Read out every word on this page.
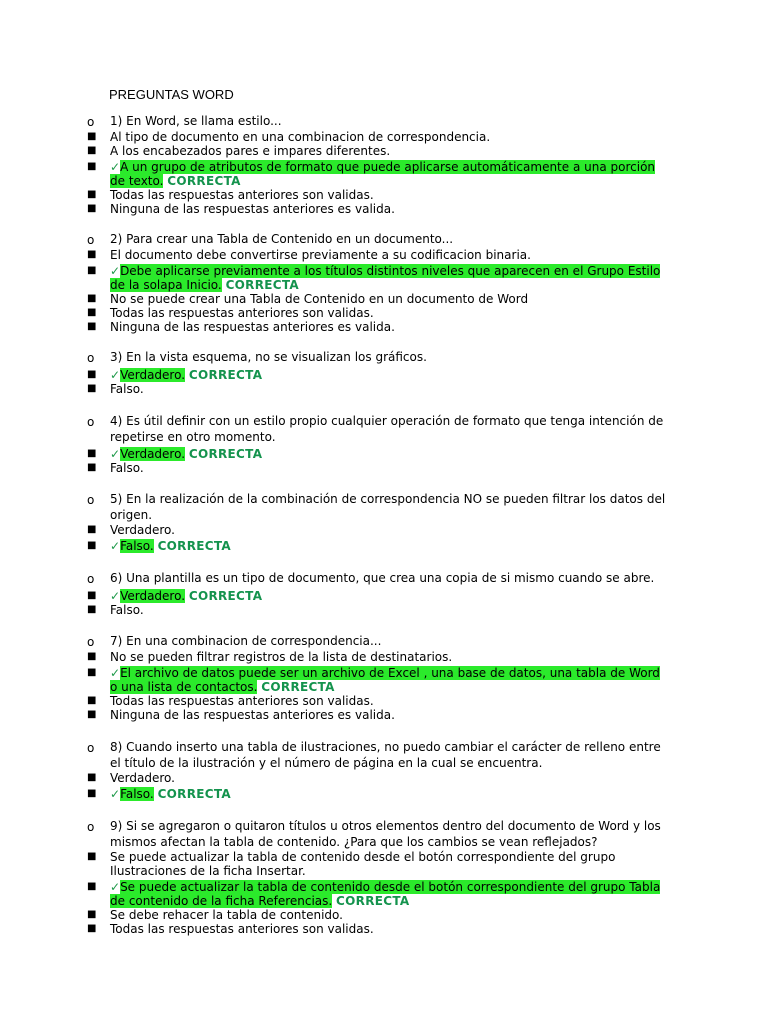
PREGUNTAS WORD
o	1) En Word, se llama estilo...
■	Al tipo de documento en una combinacion de correspondencia.
■	A los encabezados pares e impares diferentes.
■	✓A un grupo de atributos de formato que puede aplicarse automáticamente a una porción de texto. CORRECTA
■	Todas las respuestas anteriores son validas.
■	Ninguna de las respuestas anteriores es valida.
o	2) Para crear una Tabla de Contenido en un documento...
■	El documento debe convertirse previamente a su codificacion binaria.
■	✓Debe aplicarse previamente a los títulos distintos niveles que aparecen en el Grupo Estilo de la solapa Inicio. CORRECTA
■	No se puede crear una Tabla de Contenido en un documento de Word
■	Todas las respuestas anteriores son validas.
■	Ninguna de las respuestas anteriores es valida.
o	3) En la vista esquema, no se visualizan los gráficos.
■	✓Verdadero. CORRECTA
■	Falso.
o	4) Es útil definir con un estilo propio cualquier operación de formato que tenga intención de repetirse en otro momento.
■	✓Verdadero. CORRECTA
■	Falso.
o	5) En la realización de la combinación de correspondencia NO se pueden filtrar los datos del origen.
■	Verdadero.
■	✓Falso. CORRECTA
o	6) Una plantilla es un tipo de documento, que crea una copia de si mismo cuando se abre.
■	✓Verdadero. CORRECTA
■	Falso.
o	7) En una combinacion de correspondencia...
■	No se pueden filtrar registros de la lista de destinatarios.
■	✓El archivo de datos puede ser un archivo de Excel , una base de datos, una tabla de Word o una lista de contactos. CORRECTA
■	Todas las respuestas anteriores son validas.
■	Ninguna de las respuestas anteriores es valida.
o	8) Cuando inserto una tabla de ilustraciones, no puedo cambiar el carácter de relleno entre el título de la ilustración y el número de página en la cual se encuentra.
■	Verdadero.
■	✓Falso. CORRECTA
o	9) Si se agregaron o quitaron títulos u otros elementos dentro del documento de Word y los mismos afectan la tabla de contenido. ¿Para que los cambios se vean reflejados?
■	Se puede actualizar la tabla de contenido desde el botón correspondiente del grupo Ilustraciones de la ficha Insertar.
■	✓Se puede actualizar la tabla de contenido desde el botón correspondiente del grupo Tabla de contenido de la ficha Referencias. CORRECTA
■	Se debe rehacer la tabla de contenido.
■	Todas las respuestas anteriores son validas.
